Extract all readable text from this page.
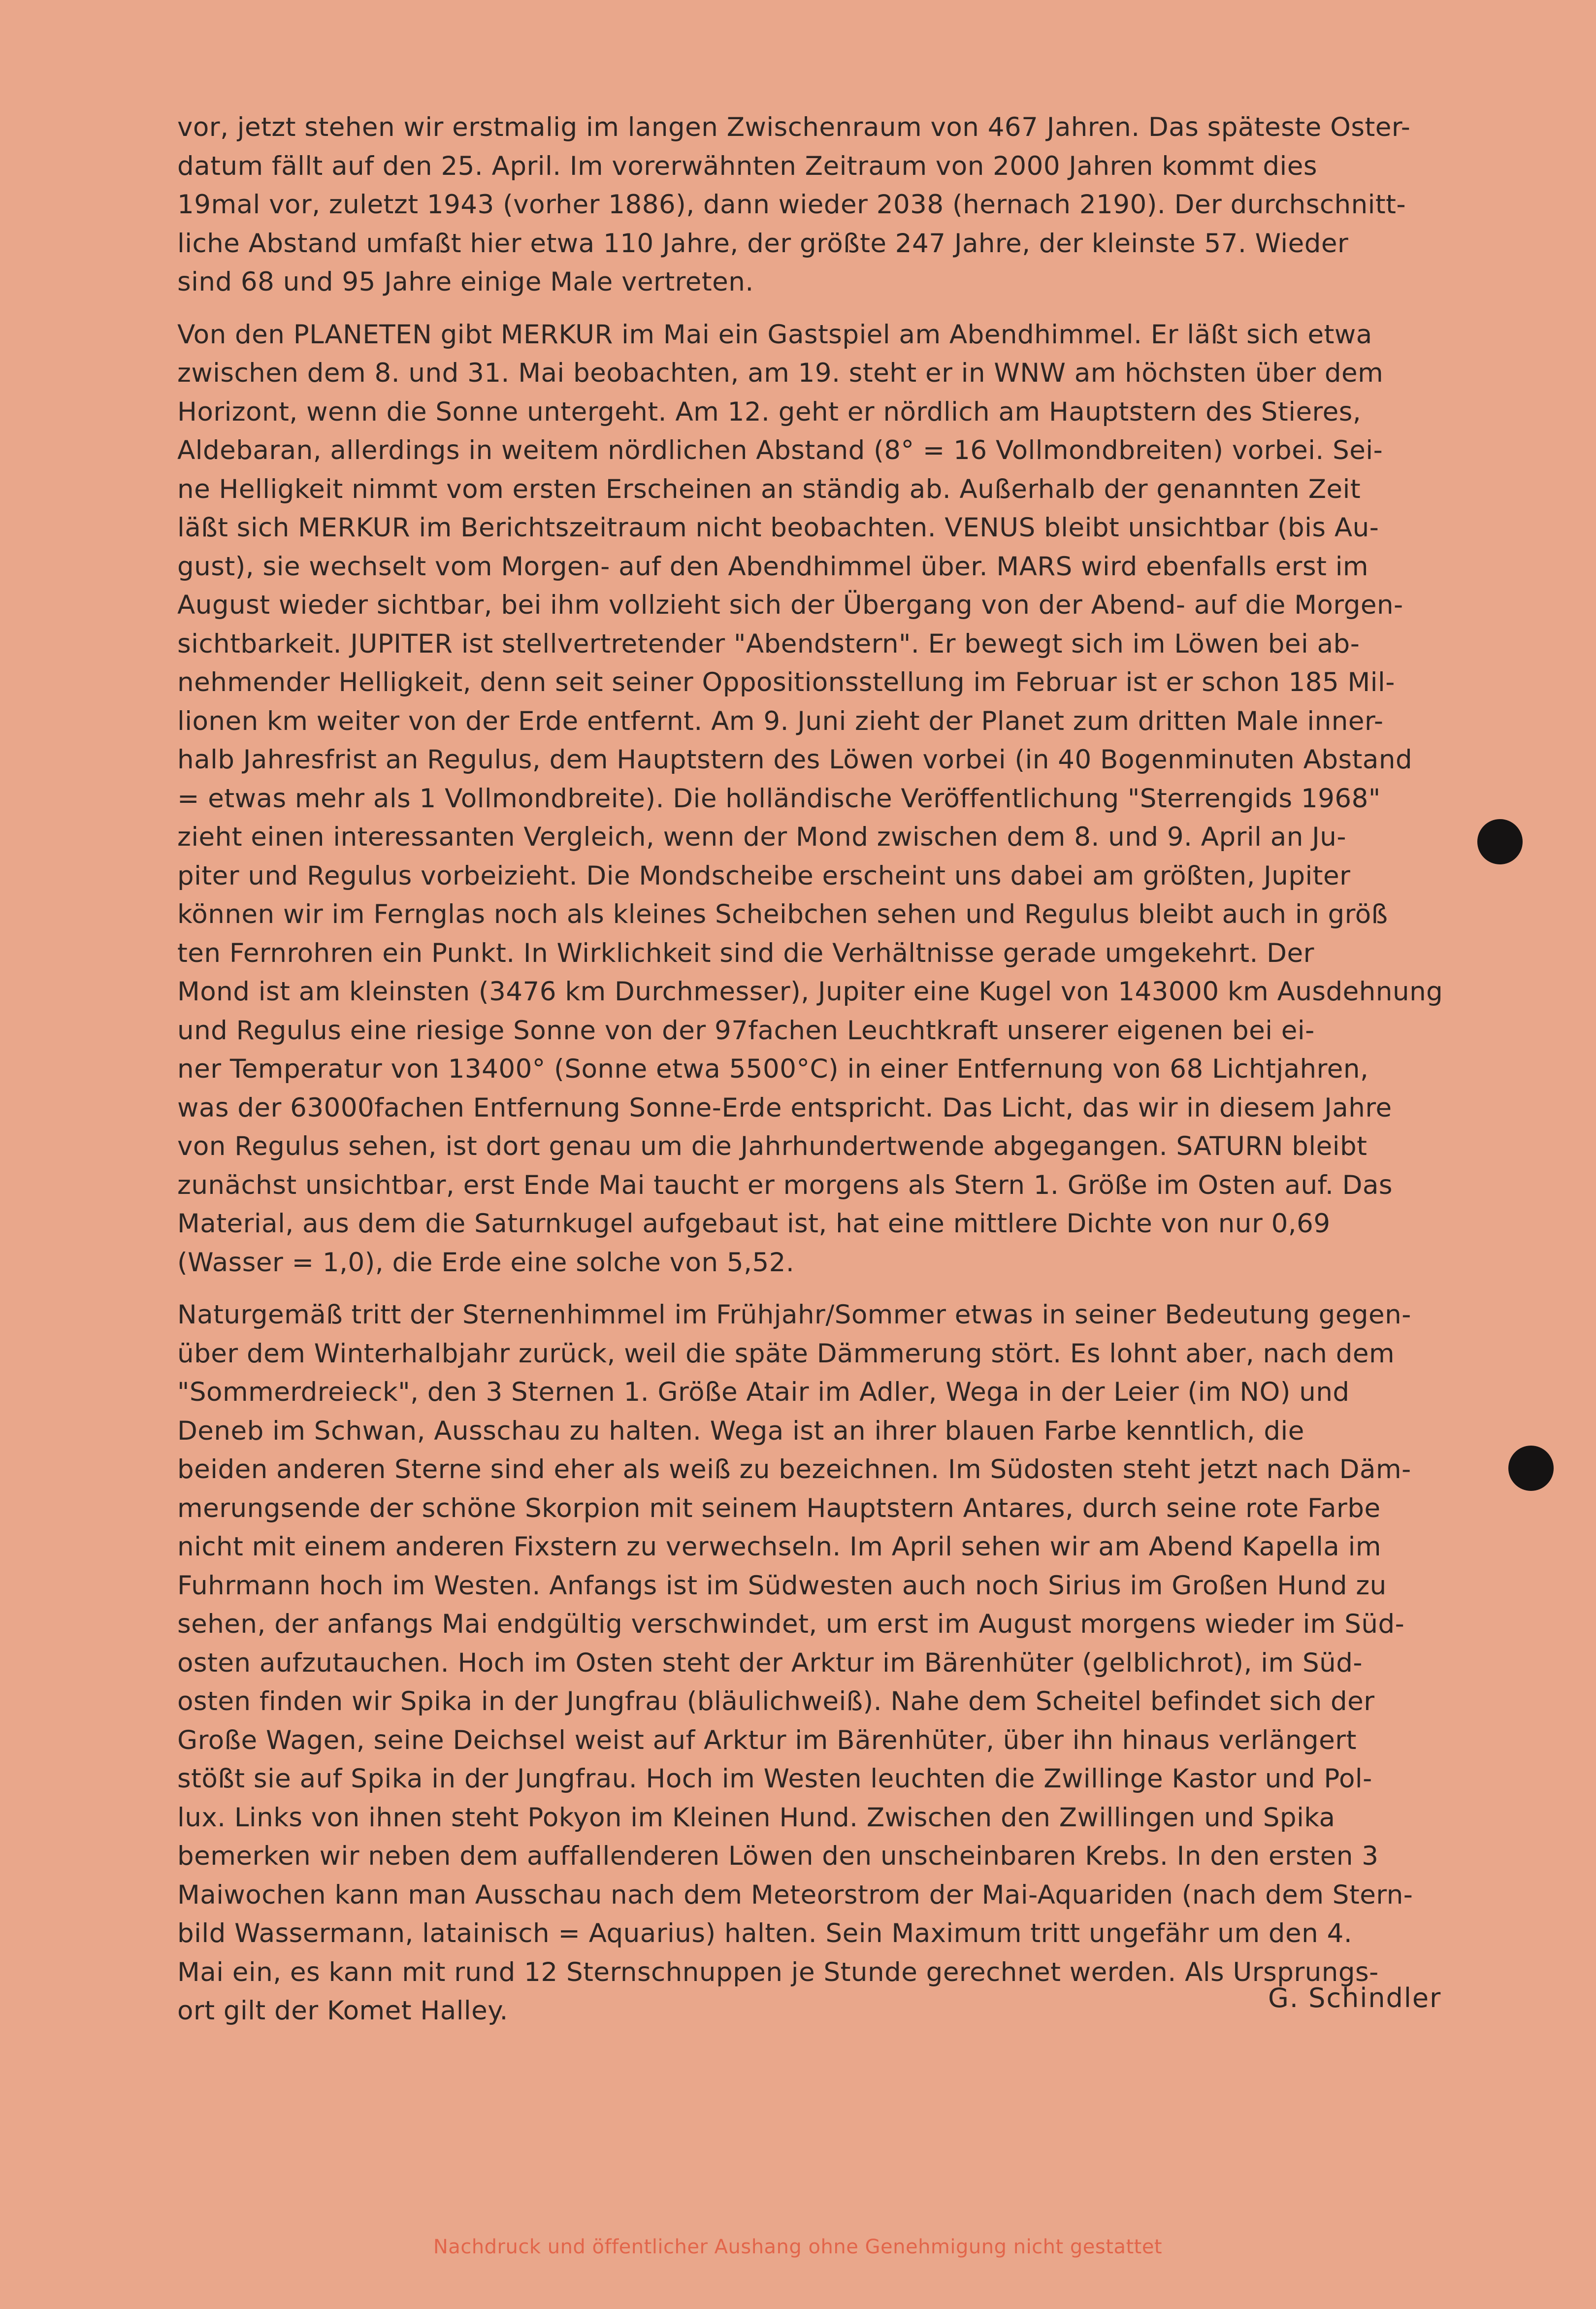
vor, jetzt stehen wir erstmalig im langen Zwischenraum von 467 Jahren. Das späteste Oster-
datum fällt auf den 25. April. Im vorerwähnten Zeitraum von 2000 Jahren kommt dies
19mal vor, zuletzt 1943 (vorher 1886), dann wieder 2038 (hernach 2190). Der durchschnitt-
liche Abstand umfaßt hier etwa 110 Jahre, der größte 247 Jahre, der kleinste 57. Wieder
sind 68 und 95 Jahre einige Male vertreten.

Von den PLANETEN gibt MERKUR im Mai ein Gastspiel am Abendhimmel. Er läßt sich etwa
zwischen dem 8. und 31. Mai beobachten, am 19. steht er in WNW am höchsten über dem
Horizont, wenn die Sonne untergeht. Am 12. geht er nördlich am Hauptstern des Stieres,
Aldebaran, allerdings in weitem nördlichen Abstand (8° = 16 Vollmondbreiten) vorbei. Sei-
ne Helligkeit nimmt vom ersten Erscheinen an ständig ab. Außerhalb der genannten Zeit
läßt sich MERKUR im Berichtszeitraum nicht beobachten. VENUS bleibt unsichtbar (bis Au-
gust), sie wechselt vom Morgen- auf den Abendhimmel über. MARS wird ebenfalls erst im
August wieder sichtbar, bei ihm vollzieht sich der Übergang von der Abend- auf die Morgen-
sichtbarkeit. JUPITER ist stellvertretender "Abendstern". Er bewegt sich im Löwen bei ab-
nehmender Helligkeit, denn seit seiner Oppositionsstellung im Februar ist er schon 185 Mil-
lionen km weiter von der Erde entfernt. Am 9. Juni zieht der Planet zum dritten Male inner-
halb Jahresfrist an Regulus, dem Hauptstern des Löwen vorbei (in 40 Bogenminuten Abstand
= etwas mehr als 1 Vollmondbreite). Die holländische Veröffentlichung "Sterrengids 1968"
zieht einen interessanten Vergleich, wenn der Mond zwischen dem 8. und 9. April an Ju-
piter und Regulus vorbeizieht. Die Mondscheibe erscheint uns dabei am größten, Jupiter
können wir im Fernglas noch als kleines Scheibchen sehen und Regulus bleibt auch in größ
ten Fernrohren ein Punkt. In Wirklichkeit sind die Verhältnisse gerade umgekehrt. Der
Mond ist am kleinsten (3476 km Durchmesser), Jupiter eine Kugel von 143000 km Ausdehnung
und Regulus eine riesige Sonne von der 97fachen Leuchtkraft unserer eigenen bei ei-
ner Temperatur von 13400° (Sonne etwa 5500°C) in einer Entfernung von 68 Lichtjahren,
was der 63000fachen Entfernung Sonne-Erde entspricht. Das Licht, das wir in diesem Jahre
von Regulus sehen, ist dort genau um die Jahrhundertwende abgegangen. SATURN bleibt
zunächst unsichtbar, erst Ende Mai taucht er morgens als Stern 1. Größe im Osten auf. Das
Material, aus dem die Saturnkugel aufgebaut ist, hat eine mittlere Dichte von nur 0,69
(Wasser = 1,0), die Erde eine solche von 5,52.

Naturgemäß tritt der Sternenhimmel im Frühjahr/Sommer etwas in seiner Bedeutung gegen-
über dem Winterhalbjahr zurück, weil die späte Dämmerung stört. Es lohnt aber, nach dem
"Sommerdreieck", den 3 Sternen 1. Größe Atair im Adler, Wega in der Leier (im NO) und
Deneb im Schwan, Ausschau zu halten. Wega ist an ihrer blauen Farbe kenntlich, die
beiden anderen Sterne sind eher als weiß zu bezeichnen. Im Südosten steht jetzt nach Däm-
merungsende der schöne Skorpion mit seinem Hauptstern Antares, durch seine rote Farbe
nicht mit einem anderen Fixstern zu verwechseln. Im April sehen wir am Abend Kapella im
Fuhrmann hoch im Westen. Anfangs ist im Südwesten auch noch Sirius im Großen Hund zu
sehen, der anfangs Mai endgültig verschwindet, um erst im August morgens wieder im Süd-
osten aufzutauchen. Hoch im Osten steht der Arktur im Bärenhüter (gelblichrot), im Süd-
osten finden wir Spika in der Jungfrau (bläulichweiß). Nahe dem Scheitel befindet sich der
Große Wagen, seine Deichsel weist auf Arktur im Bärenhüter, über ihn hinaus verlängert
stößt sie auf Spika in der Jungfrau. Hoch im Westen leuchten die Zwillinge Kastor und Pol-
lux. Links von ihnen steht Pokyon im Kleinen Hund. Zwischen den Zwillingen und Spika
bemerken wir neben dem auffallenderen Löwen den unscheinbaren Krebs. In den ersten 3
Maiwochen kann man Ausschau nach dem Meteorstrom der Mai-Aquariden (nach dem Stern-
bild Wassermann, latainisch = Aquarius) halten. Sein Maximum tritt ungefähr um den 4.
Mai ein, es kann mit rund 12 Sternschnuppen je Stunde gerechnet werden. Als Ursprungs-
ort gilt der Komet Halley.	G. Schindler
Nachdruck und öffentlicher Aushang ohne Genehmigung nicht gestattet
